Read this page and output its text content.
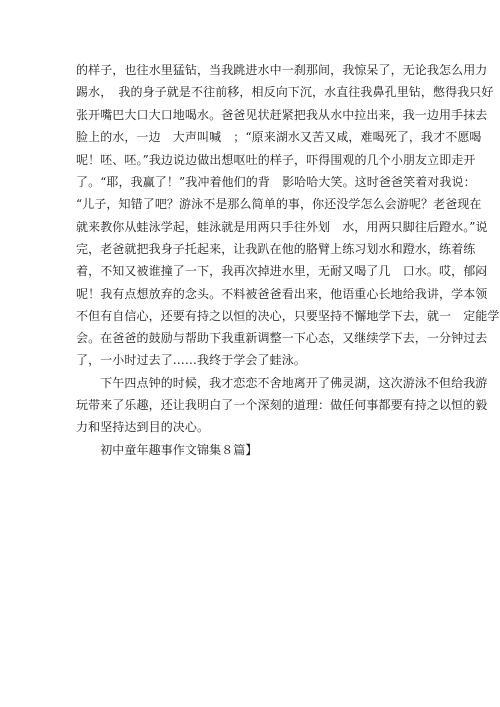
的样子，也往水里猛钻，当我跳进水中一刹那间，我惊呆了，无论我怎么用力
踢水，　我的身子就是不往前移，相反向下沉，水直往我鼻孔里钻，憋得我只好
张开嘴巴大口大口地喝水。爸爸见状赶紧把我从水中拉出来，我一边用手抹去
脸上的水，一边　大声叫喊　；“原来湖水又苦又咸，难喝死了，我才不愿喝
呢！呸、呸。”我边说边做出想呕吐的样子，吓得围观的几个小朋友立即走开
了。“耶，我赢了！”我冲着他们的背　影哈哈大笑。这时爸爸笑着对我说：
“儿子，知错了吧？游泳不是那么简单的事，你还没学怎么会游呢？老爸现在
就来教你从蛙泳学起，蛙泳就是用两只手往外划　水，用两只脚往后蹬水。”说
完，老爸就把我身子托起来，让我趴在他的胳臂上练习划水和蹬水，练着练
着，不知又被谁撞了一下，我再次掉进水里，无耐又喝了几　口水。哎，郁闷
呢！我有点想放弃的念头。不料被爸爸看出来，他语重心长地给我讲，学本领
不但有自信心，还要有持之以恒的决心，只要坚持不懈地学下去，就一　定能学
会。在爸爸的鼓励与帮助下我重新调整一下心态，又继续学下去，一分钟过去
了，一小时过去了……我终于学会了蛙泳。
　　下午四点钟的时候，我才恋恋不舍地离开了佛灵湖，这次游泳不但给我游
玩带来了乐趣，还让我明白了一个深刻的道理：做任何事都要有持之以恒的毅
力和坚持达到目的决心。
　　初中童年趣事作文锦集８篇】
